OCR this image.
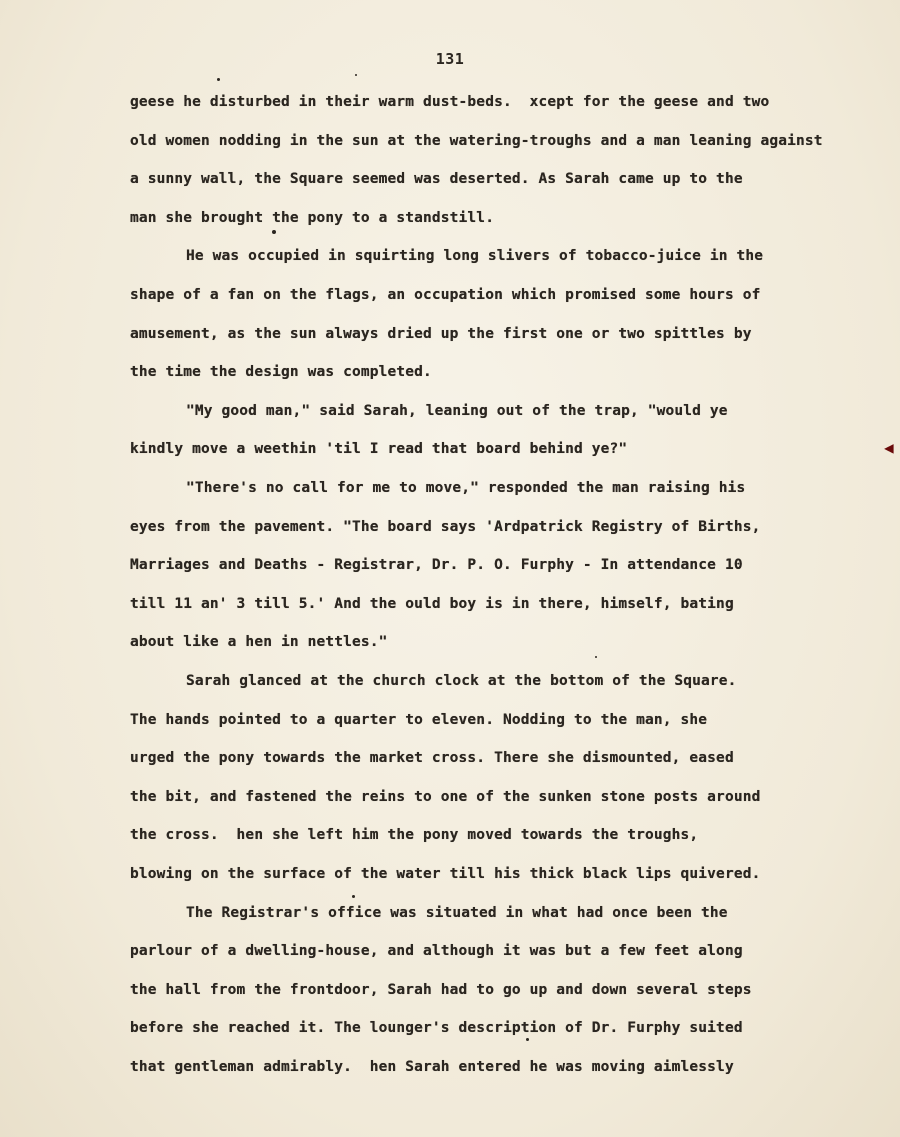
131
geese he disturbed in their warm dust-beds.  xcept for the geese and two
old women nodding in the sun at the watering-troughs and a man leaning against
a sunny wall, the Square seemed was deserted. As Sarah came up to the
man she brought the pony to a standstill.
He was occupied in squirting long slivers of tobacco-juice in the
shape of a fan on the flags, an occupation which promised some hours of
amusement, as the sun always dried up the first one or two spittles by
the time the design was completed.
"My good man," said Sarah, leaning out of the trap, "would ye
kindly move a weethin 'til I read that board behind ye?"
"There's no call for me to move," responded the man raising his
eyes from the pavement. "The board says 'Ardpatrick Registry of Births,
Marriages and Deaths - Registrar, Dr. P. O. Furphy - In attendance 10
till 11 an' 3 till 5.' And the ould boy is in there, himself, bating
about like a hen in nettles."
Sarah glanced at the church clock at the bottom of the Square.
The hands pointed to a quarter to eleven. Nodding to the man, she
urged the pony towards the market cross. There she dismounted, eased
the bit, and fastened the reins to one of the sunken stone posts around
the cross.  hen she left him the pony moved towards the troughs,
blowing on the surface of the water till his thick black lips quivered.
The Registrar's office was situated in what had once been the
parlour of a dwelling-house, and although it was but a few feet along
the hall from the frontdoor, Sarah had to go up and down several steps
before she reached it. The lounger's description of Dr. Furphy suited
that gentleman admirably.  hen Sarah entered he was moving aimlessly
◀
